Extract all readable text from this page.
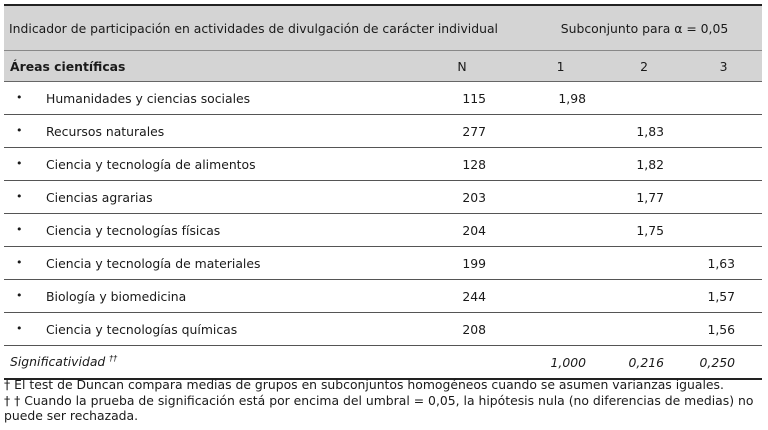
Indicador de participación en actividades de divulgación de carácter individual		Subconjunto para α = 0,05		
Áreas científicas	N	1	2	3

• Humanidades y ciencias sociales	115	1,98		

• Recursos naturales	277		1,83	

• Ciencia y tecnología de alimentos	128		1,82	

• Ciencias agrarias	203		1,77	

• Ciencia y tecnologías físicas	204		1,75	

• Ciencia y tecnología de materiales	199			1,63

• Biología y biomedicina	244			1,57

• Ciencia y tecnologías químicas	208			1,56
Significatividad ††		1,000	0,216	0,250

† El test de Duncan compara medias de grupos en subconjuntos homogéneos cuando se asumen varianzas iguales.

† † Cuando la prueba de significación está por encima del umbral = 0,05, la hipótesis nula (no diferencias de medias) no puede ser rechazada.
